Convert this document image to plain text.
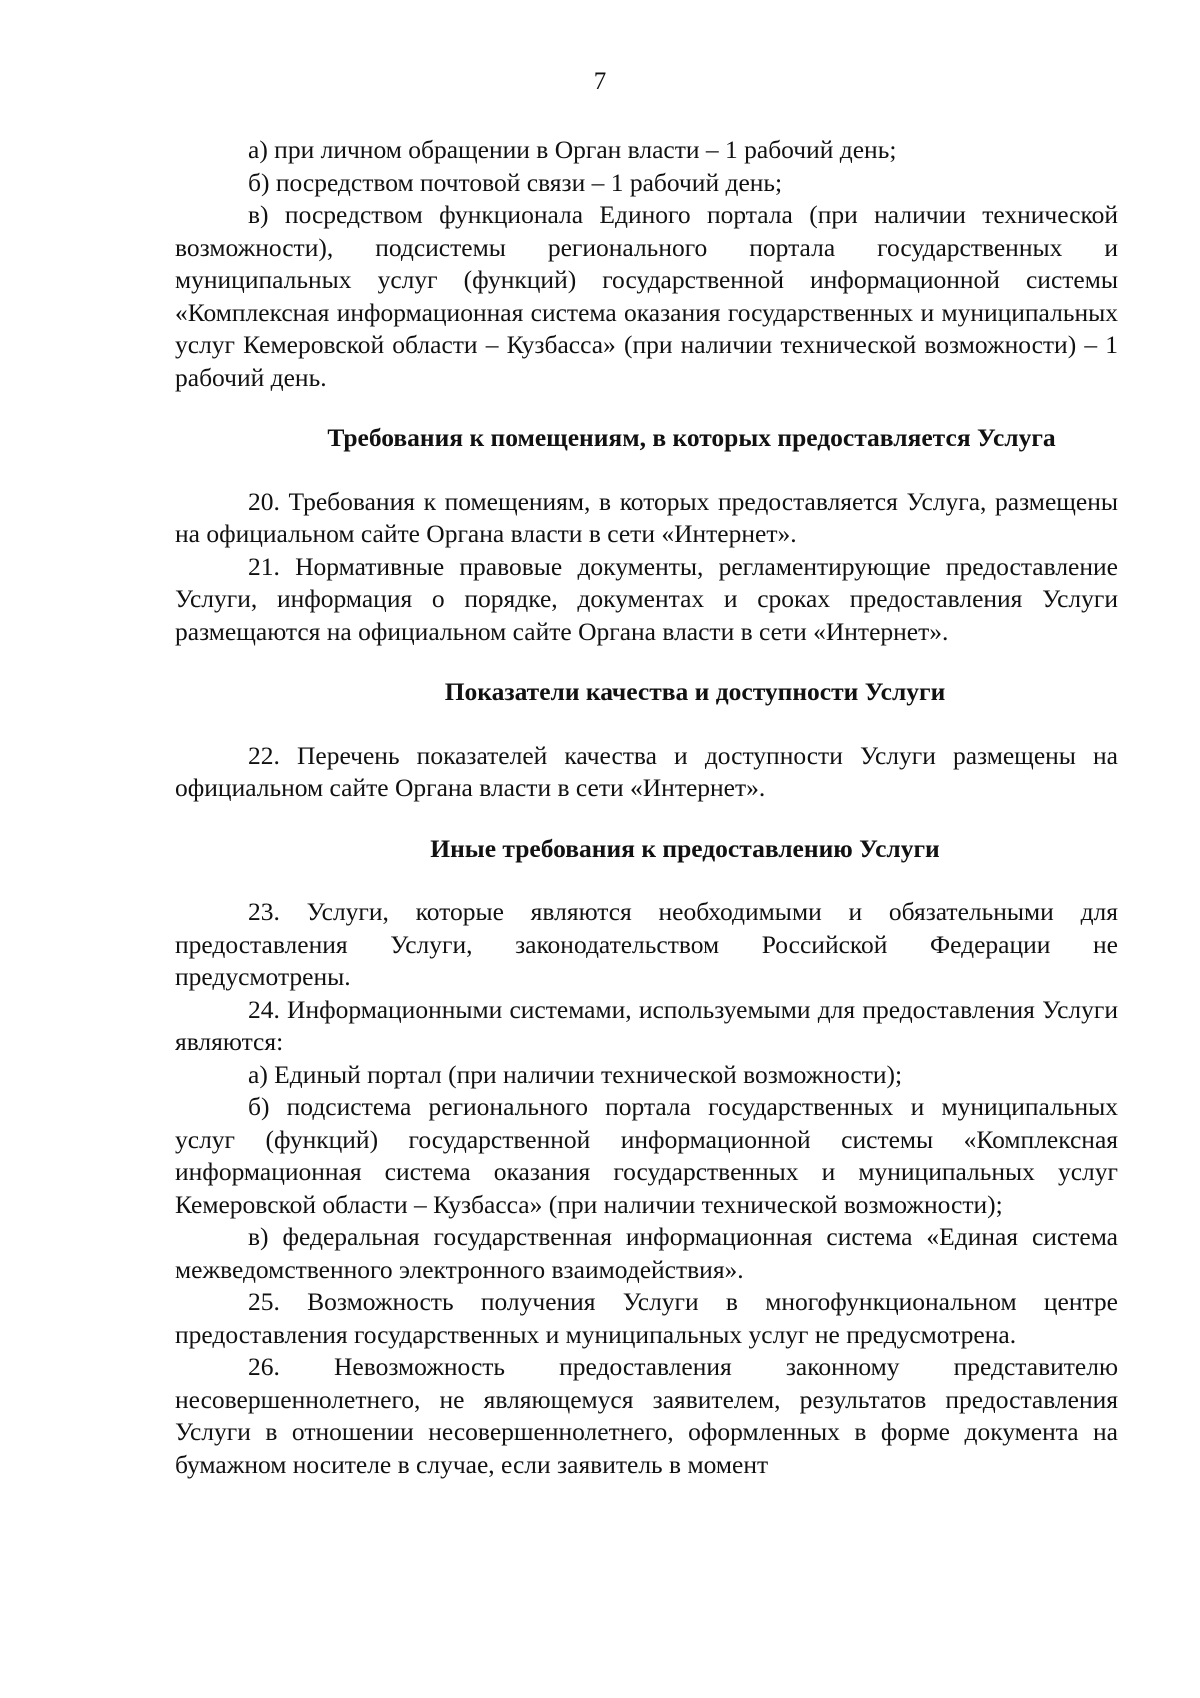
7

а) при личном обращении в Орган власти – 1 рабочий день;

б) посредством почтовой связи – 1 рабочий день;

в) посредством функционала Единого портала (при наличии технической возможности), подсистемы регионального портала государственных и муниципальных услуг (функций) государственной информационной системы «Комплексная информационная система оказания государственных и муниципальных услуг Кемеровской области – Кузбасса» (при наличии технической возможности) – 1 рабочий день.

Требования к помещениям, в которых предоставляется Услуга

20. Требования к помещениям, в которых предоставляется Услуга, размещены на официальном сайте Органа власти в сети «Интернет».

21. Нормативные правовые документы, регламентирующие предоставление Услуги, информация о порядке, документах и сроках предоставления Услуги размещаются на официальном сайте Органа власти в сети «Интернет».

Показатели качества и доступности Услуги

22. Перечень показателей качества и доступности Услуги размещены на официальном сайте Органа власти в сети «Интернет».

Иные требования к предоставлению Услуги

23. Услуги, которые являются необходимыми и обязательными для предоставления Услуги, законодательством Российской Федерации не предусмотрены.

24. Информационными системами, используемыми для предоставления Услуги являются:

а) Единый портал (при наличии технической возможности);

б) подсистема регионального портала государственных и муниципальных услуг (функций) государственной информационной системы «Комплексная информационная система оказания государственных и муниципальных услуг Кемеровской области – Кузбасса» (при наличии технической возможности);

в) федеральная государственная информационная система «Единая система межведомственного электронного взаимодействия».

25. Возможность получения Услуги в многофункциональном центре предоставления государственных и муниципальных услуг не предусмотрена.

26. Невозможность предоставления законному представителю несовершеннолетнего, не являющемуся заявителем, результатов предоставления Услуги в отношении несовершеннолетнего, оформленных в форме документа на бумажном носителе в случае, если заявитель в момент
